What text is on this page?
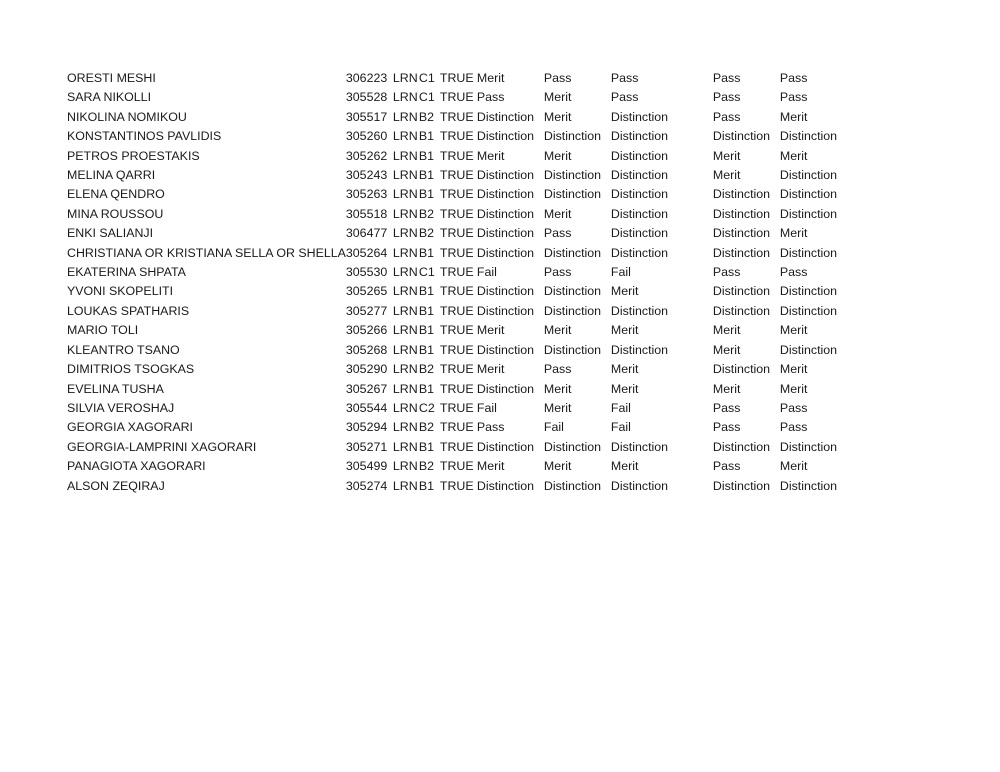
ORESTI MESHI	306223	LRN	C1	TRUE	Merit	Pass	Pass	Pass	Pass
SARA NIKOLLI	305528	LRN	C1	TRUE	Pass	Merit	Pass	Pass	Pass
NIKOLINA NOMIKOU	305517	LRN	B2	TRUE	Distinction	Merit	Distinction	Pass	Merit
KONSTANTINOS PAVLIDIS	305260	LRN	B1	TRUE	Distinction	Distinction	Distinction	Distinction	Distinction
PETROS PROESTAKIS	305262	LRN	B1	TRUE	Merit	Merit	Distinction	Merit	Merit
MELINA QARRI	305243	LRN	B1	TRUE	Distinction	Distinction	Distinction	Merit	Distinction
ELENA QENDRO	305263	LRN	B1	TRUE	Distinction	Distinction	Distinction	Distinction	Distinction
MINA ROUSSOU	305518	LRN	B2	TRUE	Distinction	Merit	Distinction	Distinction	Distinction
ENKI SALIANJI	306477	LRN	B2	TRUE	Distinction	Pass	Distinction	Distinction	Merit
CHRISTIANA OR KRISTIANA SELLA OR SHELLA	305264	LRN	B1	TRUE	Distinction	Distinction	Distinction	Distinction	Distinction
EKATERINA SHPATA	305530	LRN	C1	TRUE	Fail	Pass	Fail	Pass	Pass
YVONI SKOPELITI	305265	LRN	B1	TRUE	Distinction	Distinction	Merit	Distinction	Distinction
LOUKAS SPATHARIS	305277	LRN	B1	TRUE	Distinction	Distinction	Distinction	Distinction	Distinction
MARIO TOLI	305266	LRN	B1	TRUE	Merit	Merit	Merit	Merit	Merit
KLEANTRO TSANO	305268	LRN	B1	TRUE	Distinction	Distinction	Distinction	Merit	Distinction
DIMITRIOS TSOGKAS	305290	LRN	B2	TRUE	Merit	Pass	Merit	Distinction	Merit
EVELINA TUSHA	305267	LRN	B1	TRUE	Distinction	Merit	Merit	Merit	Merit
SILVIA VEROSHAJ	305544	LRN	C2	TRUE	Fail	Merit	Fail	Pass	Pass
GEORGIA XAGORARI	305294	LRN	B2	TRUE	Pass	Fail	Fail	Pass	Pass
GEORGIA-LAMPRINI XAGORARI	305271	LRN	B1	TRUE	Distinction	Distinction	Distinction	Distinction	Distinction
PANAGIOTA XAGORARI	305499	LRN	B2	TRUE	Merit	Merit	Merit	Pass	Merit
ALSON ZEQIRAJ	305274	LRN	B1	TRUE	Distinction	Distinction	Distinction	Distinction	Distinction
